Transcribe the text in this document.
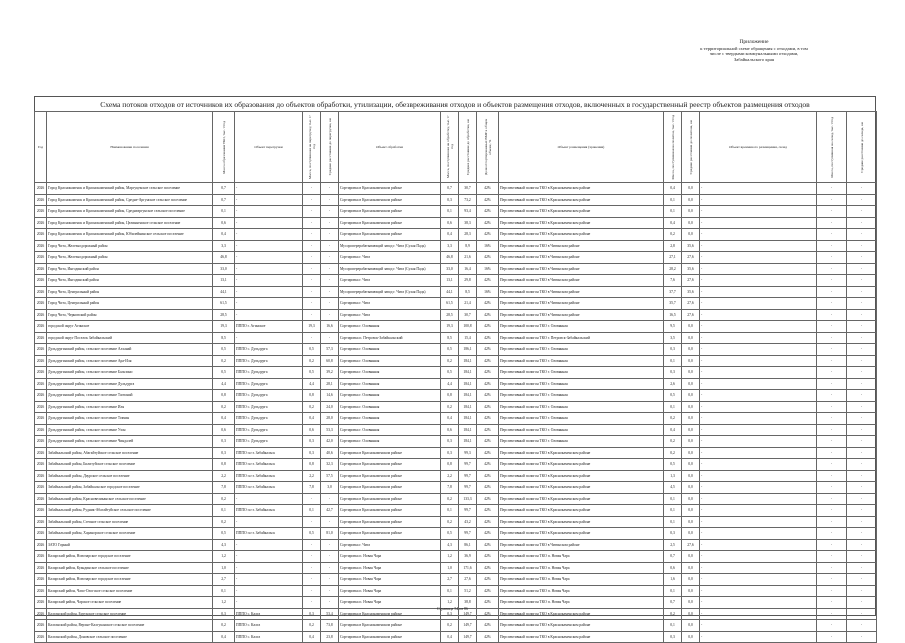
Приложение
к территориальной схеме обращения с отходами, в том
числе с твердыми коммунальными отходами,
Забайкальского края
Схема потоков отходов от источников их образования до объектов обработки, утилизации, обезвреживания отходов и объектов размещения отходов, включенных в государственный реестр объектов размещения отходов
Год	Наименование поселения	Масса образования ТКО, тыс. т/год	Объект перегрузки	Масса, поступившая на перегрузку, тыс. т/год	Среднее расстояние до перегрузки, км	Объект обработки	Масса, поступившая на обработку, тыс. т/год	Среднее расстояние до обработки, км	Доля отсортированных ВМР в общем объеме, %	Объект размещения (хранения)	Масса, поступившая на полигон, тыс. т/год	Среднее расстояние до полигона, км	Объект временного размещения, склад	Масса, поступившая на склад, тыс. т/год	Среднее расстояние до склада, км

2026	Город Краснокаменск и Краснокаменский район, Маргуцекское сельское поселение	0,7	-	-	-	Сортировка в Краснокаменском районе	0,7	30,7	42%	Перспективный полигон ТКО в Краснокаменском районе	0,4	0,0	-	-	-
2026	Город Краснокаменск и Краснокаменский район, Средне-Аргунское сельское поселение	0,7	-	-	-	Сортировка в Краснокаменском районе	0,3	73,2	42%	Перспективный полигон ТКО в Краснокаменском районе	0,1	0,0	-	-	-
2026	Город Краснокаменск и Краснокаменский район, Среднеаргунское сельское поселение	0,1	-	-	-	Сортировка в Краснокаменском районе	0,1	93,4	42%	Перспективный полигон ТКО в Краснокаменском районе	0,1	0,0	-	-	-
2026	Город Краснокаменск и Краснокаменский район, Целинненское сельское поселение	0,6	-	-	-	Сортировка в Краснокаменском районе	0,6	38,3	42%	Перспективный полигон ТКО в Краснокаменском районе	0,4	0,0	-	-	-
2026	Город Краснокаменск и Краснокаменский район, Юбилейнинское сельское поселение	0,4	-	-	-	Сортировка в Краснокаменском районе	0,4	28,3	42%	Перспективный полигон ТКО в Краснокаменском районе	0,2	0,0	-	-	-
2026	Город Чита, Железнодорожный район	3,3	-	-	-	Мусороперерабатывающий завод г. Чита (Сухая Падь)	3,3	8,9	16%	Перспективный полигон ТКО в Читинском районе	2,8	35,6	-	-	-
2026	Город Чита, Железнодорожный район	46,8	-	-	-	Сортировка г. Чита	46,8	21,6	42%	Перспективный полигон ТКО в Читинском районе	27,1	27,6	-	-	-
2026	Город Чита, Ингодинский район	33,0	-	-	-	Мусороперерабатывающий завод г. Чита (Сухая Падь)	33,0	16,4	16%	Перспективный полигон ТКО в Читинском районе	28,2	35,6	-	-	-
2026	Город Чита, Ингодинский район	13,1	-	-	-	Сортировка г. Чита	13,1	29,8	42%	Перспективный полигон ТКО в Читинском районе	7,6	27,6	-	-	-
2026	Город Чита, Центральный район	44,1	-	-	-	Мусороперерабатывающий завод г. Чита (Сухая Падь)	44,1	8,5	16%	Перспективный полигон ТКО в Читинском районе	37,7	35,6	-	-	-
2026	Город Чита, Центральный район	61,5	-	-	-	Сортировка г. Чита	61,5	21,4	42%	Перспективный полигон ТКО в Читинском районе	35,7	27,6	-	-	-
2026	Город Чита, Черновский район	28,5	-	-	-	Сортировка г. Чита	28,5	30,7	42%	Перспективный полигон ТКО в Читинском районе	16,5	27,6	-	-	-
2026	городской округ Агинское	19,3	ПППО г. Агинское	19,3	16,6	Сортировка г. Оловянная	19,3	100,8	42%	Перспективный полигон ТКО г. Оловянная	9,5	0,0	-	-	-
2026	городской округ Поселок Забайкальский	8,5	-	-	-	Сортировка п. Петровск-Забайкальский	8,5	15,4	42%	Перспективный полигон ТКО г. Петровск-Забайкальский	3,5	0,0	-	-	-
2026	Дульдургинский район, сельское поселение Алханай	0,5	ПППО с. Дульдурга	0,5	57,3	Сортировка г. Оловянная	0,5	186,1	42%	Перспективный полигон ТКО г. Оловянная	0,3	0,0	-	-	-
2026	Дульдургинский район, сельское поселение Ара-Иля	0,2	ПППО с. Дульдурга	0,2	60,8	Сортировка г. Оловянная	0,2	184,1	42%	Перспективный полигон ТКО г. Оловянная	0,1	0,0	-	-	-
2026	Дульдургинский район, сельское поселение Бальзино	0,5	ПППО с. Дульдурга	0,5	39,2	Сортировка г. Оловянная	0,5	184,1	42%	Перспективный полигон ТКО г. Оловянная	0,3	0,0	-	-	-
2026	Дульдургинский район, сельское поселение Дульдурга	4,4	ПППО с. Дульдурга	4,4	28,1	Сортировка г. Оловянная	4,4	184,1	42%	Перспективный полигон ТКО г. Оловянная	2,6	0,0	-	-	-
2026	Дульдургинский район, сельское поселение Таптанай	0,8	ПППО с. Дульдурга	0,8	14,6	Сортировка г. Оловянная	0,8	184,1	42%	Перспективный полигон ТКО г. Оловянная	0,5	0,0	-	-	-
2026	Дульдургинский район, сельское поселение Иля	0,2	ПППО с. Дульдурга	0,2	24,0	Сортировка г. Оловянная	0,2	184,1	42%	Перспективный полигон ТКО г. Оловянная	0,1	0,0	-	-	-
2026	Дульдургинский район, сельское поселение Токчин	0,4	ПППО с. Дульдурга	0,4	28,0	Сортировка г. Оловянная	0,4	184,1	42%	Перспективный полигон ТКО г. Оловянная	0,2	0,0	-	-	-
2026	Дульдургинский район, сельское поселение Узон	0,6	ПППО с. Дульдурга	0,6	53,3	Сортировка г. Оловянная	0,6	184,1	42%	Перспективный полигон ТКО г. Оловянная	0,4	0,0	-	-	-
2026	Дульдургинский район, сельское поселение Чиндалей	0,3	ПППО с. Дульдурга	0,3	42,0	Сортировка г. Оловянная	0,3	184,1	42%	Перспективный полигон ТКО г. Оловянная	0,2	0,0	-	-	-
2026	Забайкальский район, Абагайтуйское сельское поселение	0,3	ПППО п.г.т. Забайкальск	0,3	40,6	Сортировка в Краснокаменском районе	0,3	99,3	42%	Перспективный полигон ТКО в Краснокаменском районе	0,2	0,0	-	-	-
2026	Забайкальский район, Билитуйское сельское поселение	0,8	ПППО п.г.т. Забайкальск	0,8	32,3	Сортировка в Краснокаменском районе	0,8	99,7	42%	Перспективный полигон ТКО в Краснокаменском районе	0,5	0,0	-	-	-
2026	Забайкальский район, Даурское сельское поселение	2,2	ПППО п.г.т. Забайкальск	2,2	57,5	Сортировка в Краснокаменском районе	2,2	99,7	42%	Перспективный полигон ТКО в Краснокаменском районе	1,3	0,0	-	-	-
2026	Забайкальский район, Забайкальское городское поселение	7,8	ПППО п.г.т. Забайкальск	7,8	3,0	Сортировка в Краснокаменском районе	7,8	99,7	42%	Перспективный полигон ТКО в Краснокаменском районе	4,5	0,0	-	-	-
2026	Забайкальский район, Красновеликанское сельское поселение	0,2	-	-	-	Сортировка в Краснокаменском районе	0,2	133,3	42%	Перспективный полигон ТКО в Краснокаменском районе	0,1	0,0	-	-	-
2026	Забайкальский район, Рудник-Абагайтуйское сельское поселение	0,1	ПППО п.г.т. Забайкальск	0,1	42,7	Сортировка в Краснокаменском районе	0,1	99,7	42%	Перспективный полигон ТКО в Краснокаменском районе	0,1	0,0	-	-	-
2026	Забайкальский район, Степное сельское поселение	0,2	-	-	-	Сортировка в Краснокаменском районе	0,2	43,2	42%	Перспективный полигон ТКО в Краснокаменском районе	0,1	0,0	-	-	-
2026	Забайкальский район, Харанорское сельское поселение	0,5	ПППО п.г.т. Забайкальск	0,5	81,0	Сортировка в Краснокаменском районе	0,5	99,7	42%	Перспективный полигон ТКО в Краснокаменском районе	0,3	0,0	-	-	-
2026	ЗАТО Горный	4,3	-	-	-	Сортировка г. Чита	4,3	86,1	42%	Перспективный полигон ТКО в Читинском районе	2,5	27,6	-	-	-
2026	Каларский район, Новочарское городское поселение	1,2	-	-	-	Сортировка п. Новая Чара	1,2	36,9	42%	Перспективный полигон ТКО п. Новая Чара	0,7	0,0	-	-	-
2026	Каларский район, Куандинское сельское поселение	1,0	-	-	-	Сортировка п. Новая Чара	1,0	171,6	42%	Перспективный полигон ТКО п. Новая Чара	0,6	0,0	-	-	-
2026	Каларский район, Новочарское городское поселение	2,7	-	-	-	Сортировка п. Новая Чара	2,7	27,6	42%	Перспективный полигон ТКО п. Новая Чара	1,6	0,0	-	-	-
2026	Каларский район, Чапо-Ологское сельское поселение	0,1	-	-	-	Сортировка п. Новая Чара	0,1	51,2	42%	Перспективный полигон ТКО п. Новая Чара	0,1	0,0	-	-	-
2026	Каларский район, Чарское сельское поселение	1,2	-	-	-	Сортировка п. Новая Чара	1,2	38,8	42%	Перспективный полигон ТКО п. Новая Чара	0,7	0,0	-	-	-
2026	Калганский район, Бурукское сельское поселение	0,3	ПППО с. Калга	0,3	53,4	Сортировка в Краснокаменском районе	0,3	149,7	42%	Перспективный полигон ТКО в Краснокаменском районе	0,2	0,0	-	-	-
2026	Калганский район, Верхне-Калгуканское сельское поселение	0,2	ПППО с. Калга	0,2	73,8	Сортировка в Краснокаменском районе	0,2	149,7	42%	Перспективный полигон ТКО в Краснокаменском районе	0,1	0,0	-	-	-
2026	Калганский район, Доновское сельское поселение	0,4	ПППО с. Калга	0,4	23,8	Сортировка в Краснокаменском районе	0,4	149,7	42%	Перспективный полигон ТКО в Краснокаменском районе	0,3	0,0	-	-	-
Страница 54 из 86
